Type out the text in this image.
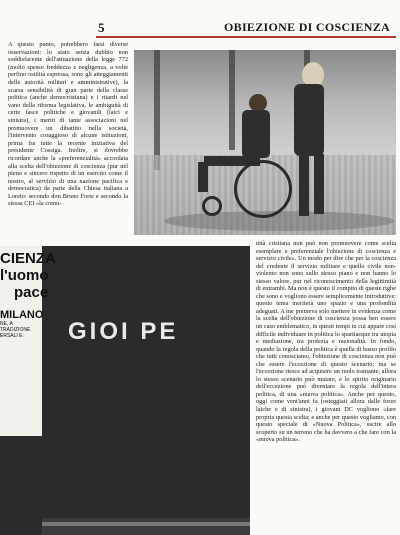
5	OBIEZIONE DI COSCIENZA
A questo punto, potrebbero farsi diverse osservazioni: lo stato senza dubbio non soddisfacente dell'attuazione della legge 772 (molto spesso freddezza e negligenza, a volte perfino ostilità espressa, sono gli atteggiamenti delle autorità militari e amministrative), la scarsa sensibilità di gran parte della classe politica (anche democristiana) e i ritardi nel vano della riforma legislativa, le ambiguità di certe fasce politiche e giovanili (laici e sinistra), i meriti di tante associazioni nel promuovere un dibattito nella società, l'intervento coraggioso di alcune istituzioni, prima fra tutte la recente iniziativa del presidente Cossiga. Inoltre, si dovrebbe ricordare anche la «preferenzialità» accordata alla scelta dell'obiezione di coscienza (pur nel pieno e sincero rispetto di un esercito come il nostro, al servizio di una nazione pacifica e democratica) da parte della Chiesa italiana a Loreto: secondo don Bruno Forte e secondo la stessa CEI «la comu-
CIENZA
l'uomo
pace
MILANO
NE, A TRADIZIONE ERSALI E.	GIOI PE
nità cristiana non può non promuovere come scelta esemplare e preferenziale l'obiezione di coscienza e servizio civile». Un modo per dire che per la coscienza del credente il servizio militare e quello civile non-violento non sono sullo stesso piano e non hanno lo stesso valore, pur nel riconoscimento della legittimità di entrambi. Ma non è questo il compito di queste righe che sono e vogliono essere semplicemente introduttive: questo tema meriterà uno spazio e una profondità adeguati. A me premeva solo mettere in evidenza come la scelta dell'obiezione di coscienza possa ben essere un caso emblematico, in questi tempi in cui appare così difficile individuare in politica lo spartiacque tra utopia e mediazione, tra profezia e razionalità. In fondo, quando la regola della politica è quella di basso profilo che tutti conosciamo, l'obiezione di coscienza non può che essere l'eccezione di questo scenario; ma se l'eccezione riesce ad acquisire un ruolo trainante, allora lo stesso scenario può mutare, e lo spirito originario dell'eccezione può diventare la regola dell'intera politica, di una «nuova politica». Anche per questo, oggi come vent'anni fa (osteggiati allora dalle forze laiche e di sinistra), i giovani DC vogliono «fare propria questa scelta; e anche per questo vogliamo, con questo speciale di «Nuova Politica», uscire allo scoperto su un terreno che ha davvero a che fare con la «nuova politica».
